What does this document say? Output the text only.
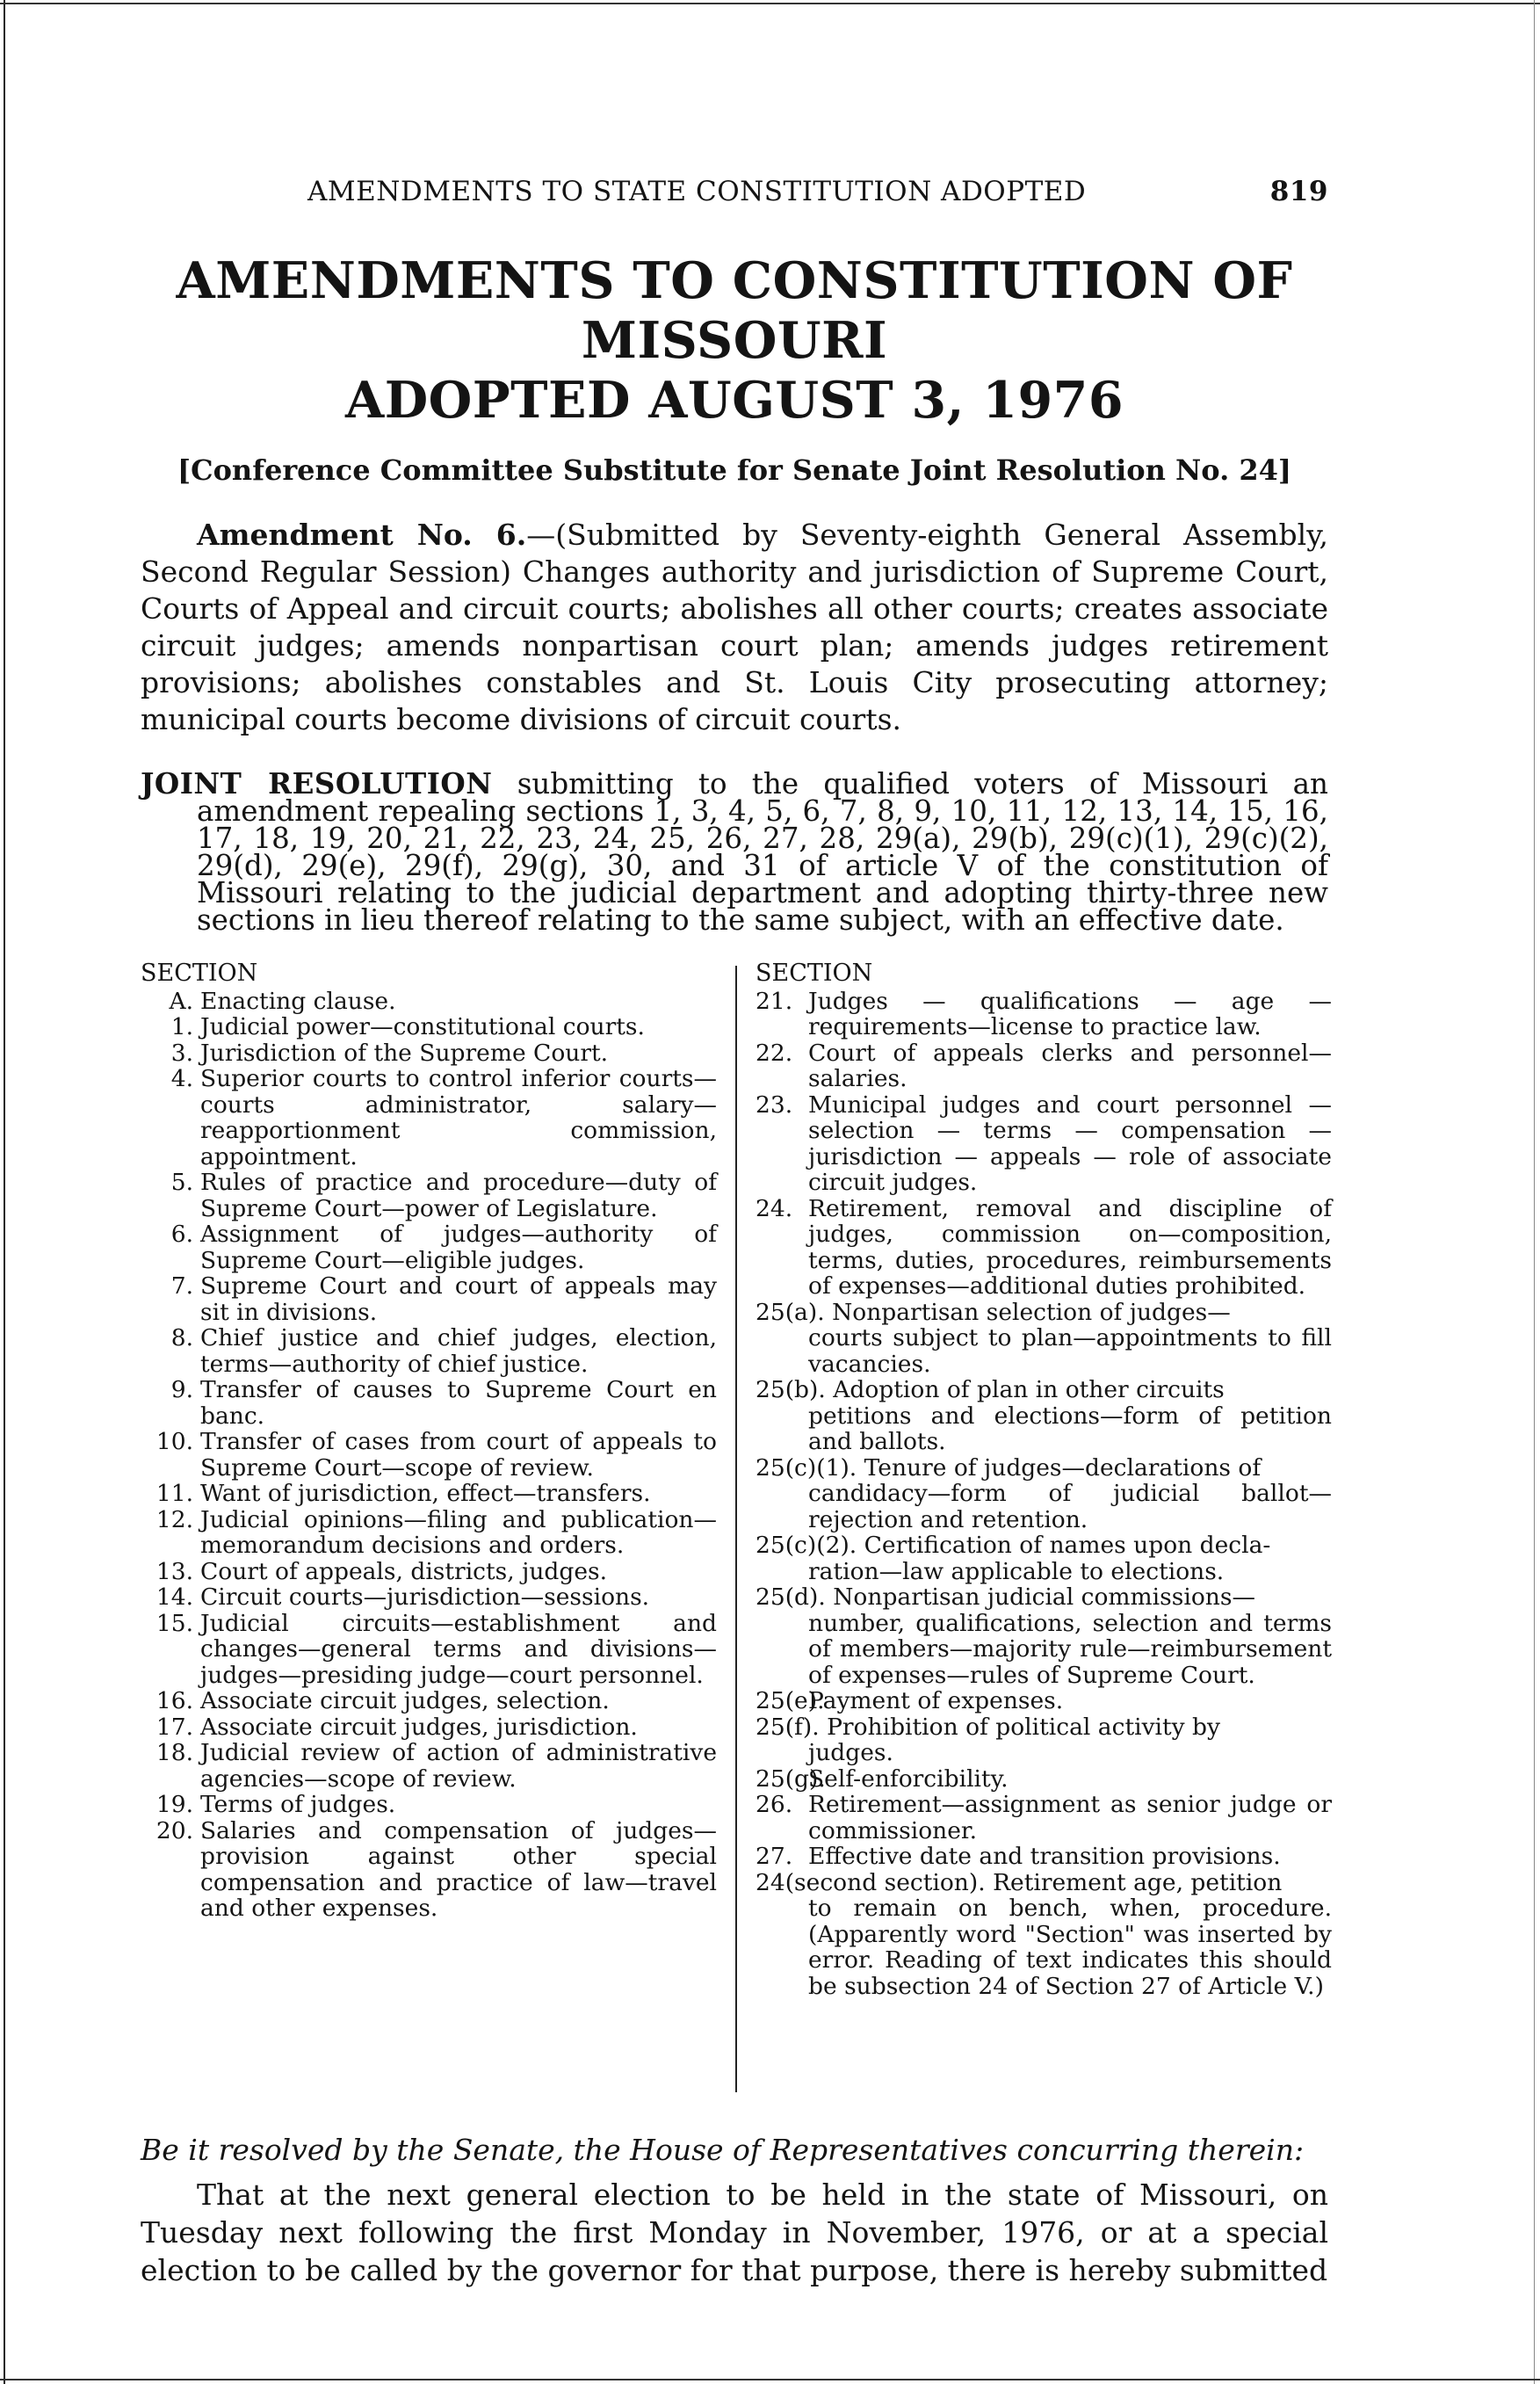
AMENDMENTS TO STATE CONSTITUTION ADOPTED	819
AMENDMENTS TO CONSTITUTION OF MISSOURI
ADOPTED AUGUST 3, 1976
[Conference Committee Substitute for Senate Joint Resolution No. 24]

Amendment No. 6.—(Submitted by Seventy-eighth General Assembly, Second Regular Session) Changes authority and jurisdiction of Supreme Court, Courts of Appeal and circuit courts; abolishes all other courts; creates associate circuit judges; amends nonpartisan court plan; amends judges retirement provisions; abolishes constables and St. Louis City prosecuting attorney; municipal courts become divisions of circuit courts.

JOINT RESOLUTION submitting to the qualified voters of Missouri an amendment repealing sections 1, 3, 4, 5, 6, 7, 8, 9, 10, 11, 12, 13, 14, 15, 16, 17, 18, 19, 20, 21, 22, 23, 24, 25, 26, 27, 28, 29(a), 29(b), 29(c)(1), 29(c)(2), 29(d), 29(e), 29(f), 29(g), 30, and 31 of article V of the constitution of Missouri relating to the judicial department and adopting thirty-three new sections in lieu thereof relating to the same subject, with an effective date.

SECTION
A. Enacting clause.
1. Judicial power—constitutional courts.
3. Jurisdiction of the Supreme Court.
4. Superior courts to control inferior courts—courts administrator, salary—reapportionment commission, appointment.
5. Rules of practice and procedure—duty of Supreme Court—power of Legislature.
6. Assignment of judges—authority of Supreme Court—eligible judges.
7. Supreme Court and court of appeals may sit in divisions.
8. Chief justice and chief judges, election, terms—authority of chief justice.
9. Transfer of causes to Supreme Court en banc.
10. Transfer of cases from court of appeals to Supreme Court—scope of review.
11. Want of jurisdiction, effect—transfers.
12. Judicial opinions—filing and publication—memorandum decisions and orders.
13. Court of appeals, districts, judges.
14. Circuit courts—jurisdiction—sessions.
15. Judicial circuits—establishment and changes—general terms and divisions—judges—presiding judge—court personnel.
16. Associate circuit judges, selection.
17. Associate circuit judges, jurisdiction.
18. Judicial review of action of administrative agencies—scope of review.
19. Terms of judges.
20. Salaries and compensation of judges—provision against other special compensation and practice of law—travel and other expenses.
SECTION
21. Judges — qualifications — age — requirements—license to practice law.
22. Court of appeals clerks and personnel—salaries.
23. Municipal judges and court personnel — selection — terms — compensation — jurisdiction — appeals — role of associate circuit judges.
24. Retirement, removal and discipline of judges, commission on—composition, terms, duties, procedures, reimbursements of expenses—additional duties prohibited.
25(a). Nonpartisan selection of judges—
courts subject to plan—appointments to fill vacancies.
25(b). Adoption of plan in other circuits
petitions and elections—form of petition and ballots.
25(c)(1). Tenure of judges—declarations of
candidacy—form of judicial ballot—rejection and retention.
25(c)(2). Certification of names upon decla-
ration—law applicable to elections.
25(d). Nonpartisan judicial commissions—
number, qualifications, selection and terms of members—majority rule—reimbursement of expenses—rules of Supreme Court.
25(e).
Payment of expenses.
25(f). Prohibition of political activity by
judges.
25(g).
Self-enforcibility.
26. Retirement—assignment as senior judge or commissioner.
27. Effective date and transition provisions.
24(second section). Retirement age, petition
to remain on bench, when, procedure. (Apparently word "Section" was inserted by error. Reading of text indicates this should be subsection 24 of Section 27 of Article V.)
Be it resolved by the Senate, the House of Representatives concurring therein:

That at the next general election to be held in the state of Missouri, on Tuesday next following the first Monday in November, 1976, or at a special election to be called by the governor for that purpose, there is hereby submitted
